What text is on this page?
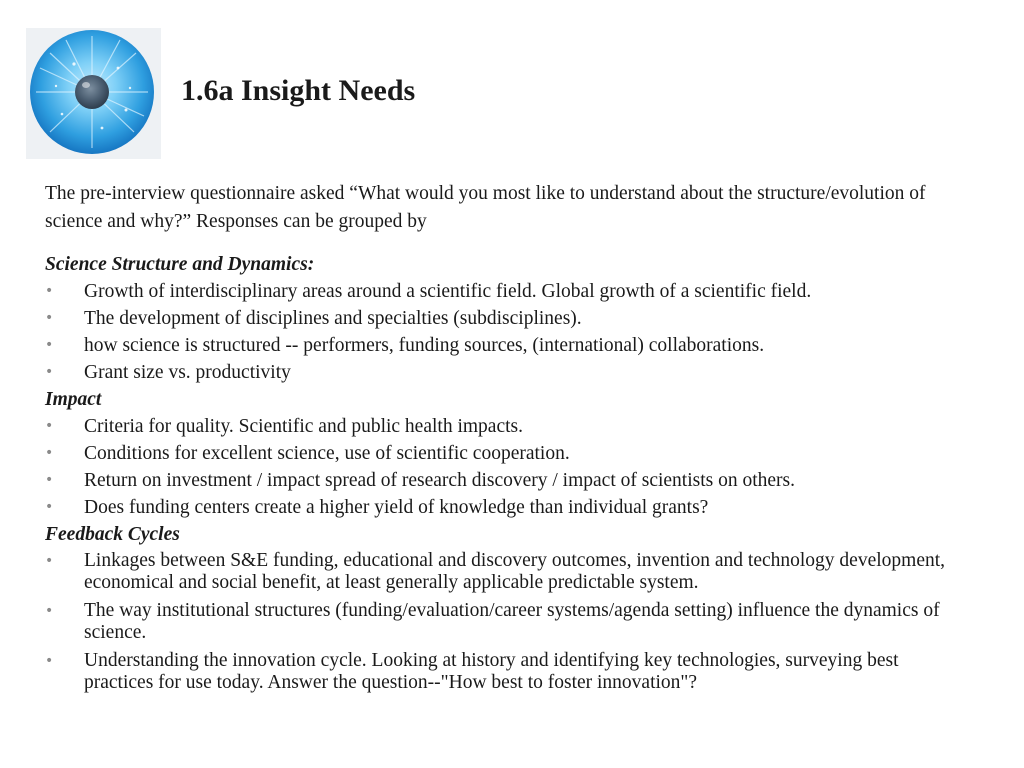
1.6a Insight Needs

The pre-interview questionnaire asked “What would you most like to understand about the structure/evolution of science and why?” Responses can be grouped by

Science Structure and Dynamics:

• Growth of interdisciplinary areas around a scientific field. Global growth of a scientific field.
• The development of disciplines and specialties (subdisciplines).
• how science is structured -- performers, funding sources, (international) collaborations.
• Grant size vs. productivity

Impact

• Criteria for quality. Scientific and public health impacts.
• Conditions for excellent science, use of scientific cooperation.
• Return on investment / impact spread of research discovery / impact of scientists on others.
• Does funding centers create a higher yield of knowledge than individual grants?

Feedback Cycles

• Linkages between S&E funding, educational and discovery outcomes, invention and technology development, economical and social benefit, at least generally applicable predictable system.
• The way institutional structures (funding/evaluation/career systems/agenda setting) influence the dynamics of science.
• Understanding the innovation cycle. Looking at history and identifying key technologies, surveying best practices for use today. Answer the question--"How best to foster innovation"?
